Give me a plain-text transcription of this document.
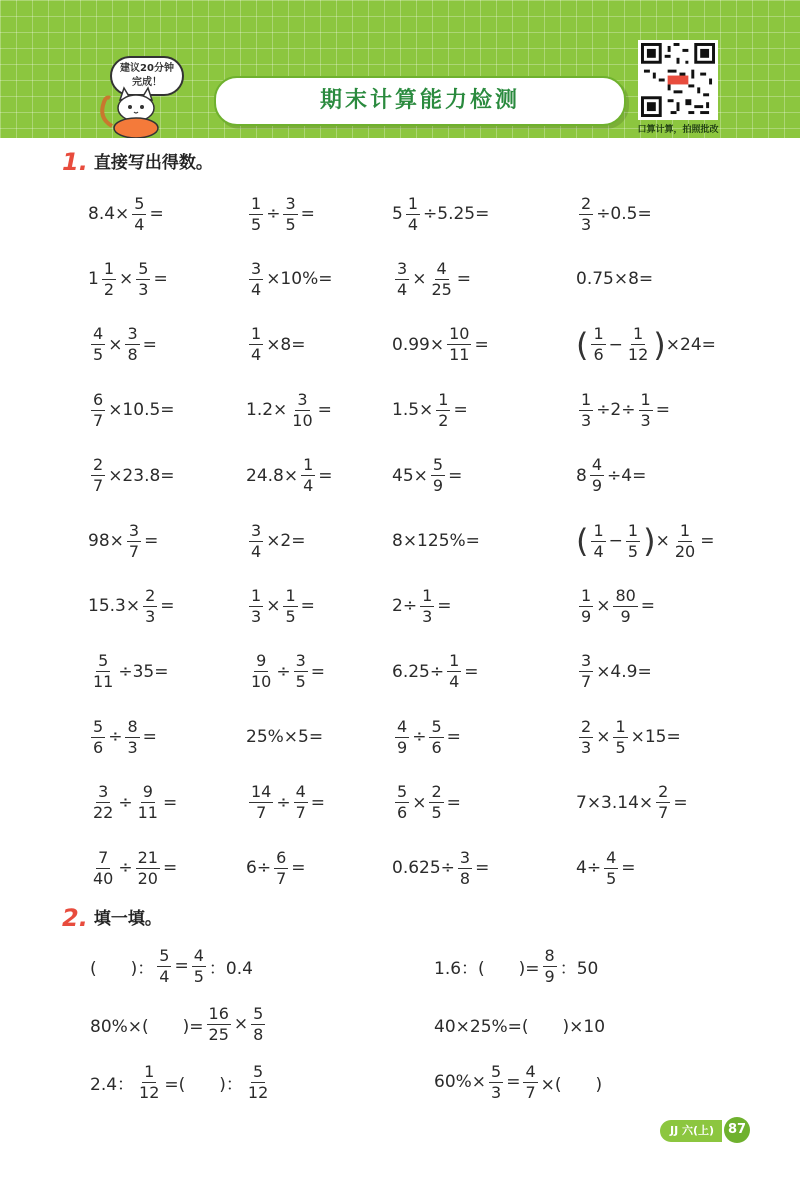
建议20分钟
完成！
期末计算能力检测
口算计算，拍照批改
1. 直接写出得数。
$8.4\times \frac{5}{4}$ =	$\frac{1}{5} \div \frac{3}{5}$ =	$5 \frac{1}{4} \div 5.25=$	$\frac{2}{3} \div 0.5=$
$1 \frac{1}{2} \times \frac{5}{3}$ =	$\frac{3}{4} \times 10\%=$	$\frac{3}{4} \times \frac{4}{25}$ =	0.75×8=
$\frac{4}{5} \times \frac{3}{8}$ =	$\frac{1}{4} \times 8=$	$0.99\times \frac{10}{11}$ =	( $\frac{1}{6} - \frac{1}{12}$ ) ×24=
$\frac{6}{7} \times 10.5=$	$1.2\times \frac{3}{10}$ =	$1.5\times \frac{1}{2}$ =	$\frac{1}{3} \div 2\div \frac{1}{3}$ =
$\frac{2}{7} \times 23.8=$	$24.8\times \frac{1}{4}$ =	$45\times \frac{5}{9}$ =	$8 \frac{4}{9} \div 4=$
$98\times \frac{3}{7}$ =	$\frac{3}{4} \times 2=$	8×125%=	( $\frac{1}{4} - \frac{1}{5}$ ) × $\frac{1}{20}$ =
$15.3\times \frac{2}{3}$ =	$\frac{1}{3} \times \frac{1}{5}$ =	$2\div \frac{1}{3}$ =	$\frac{1}{9} \times \frac{80}{9}$ =
$\frac{5}{11} \div 35=$	$\frac{9}{10} \div \frac{3}{5}$ =	$6.25\div \frac{1}{4}$ =	$\frac{3}{7} \times 4.9=$
$\frac{5}{6} \div \frac{8}{3}$ =	25%×5=	$\frac{4}{9} \div \frac{5}{6}$ =	$\frac{2}{3} \times \frac{1}{5} \times 15=$
$\frac{3}{22} \div \frac{9}{11}$ =	$\frac{14}{7} \div \frac{4}{7}$ =	$\frac{5}{6} \times \frac{2}{5}$ =	$7\times 3.14\times \frac{2}{7}$ =
$\frac{7}{40} \div \frac{21}{20}$ =	$6\div \frac{6}{7}$ =	$0.625\div \frac{3}{8}$ =	$4\div \frac{4}{5}$ =
2. 填一填。
(　　)： $\frac{5}{4} = \frac{4}{5}$ ：0.4	1.6：(　　)= $\frac{8}{9}$ ：50
80%×(　　)= $\frac{16}{25} \times \frac{5}{8}$	40×25%=(　　)×10
2.4： $\frac{1}{12}$ =(　　)： $\frac{5}{12}$	$60\%\times \frac{5}{3} = \frac{4}{7}$ ×(　　)
JJ 六(上)	87
